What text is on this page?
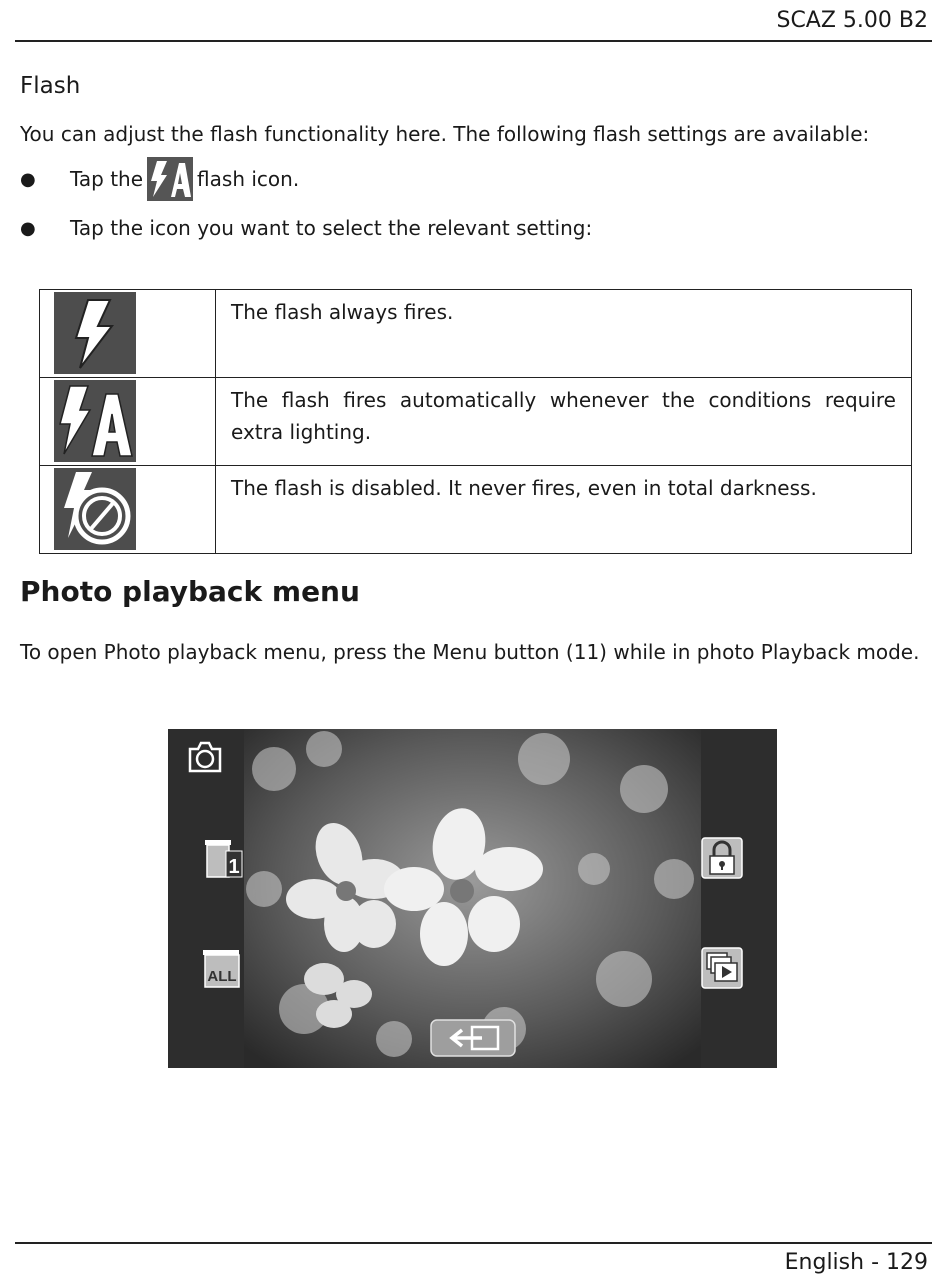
SCAZ 5.00 B2
Flash
You can adjust the flash functionality here. The following flash settings are available:
●	Tap the	flash icon.
●	Tap the icon you want to select the relevant setting:
	The flash always fires.

	The flash fires automatically whenever the conditions require extra lighting.

	The flash is disabled. It never fires, even in total darkness.
Photo playback menu
To open Photo playback menu, press the Menu button (11) while in photo Playback mode.
1
ALL
English - 129
